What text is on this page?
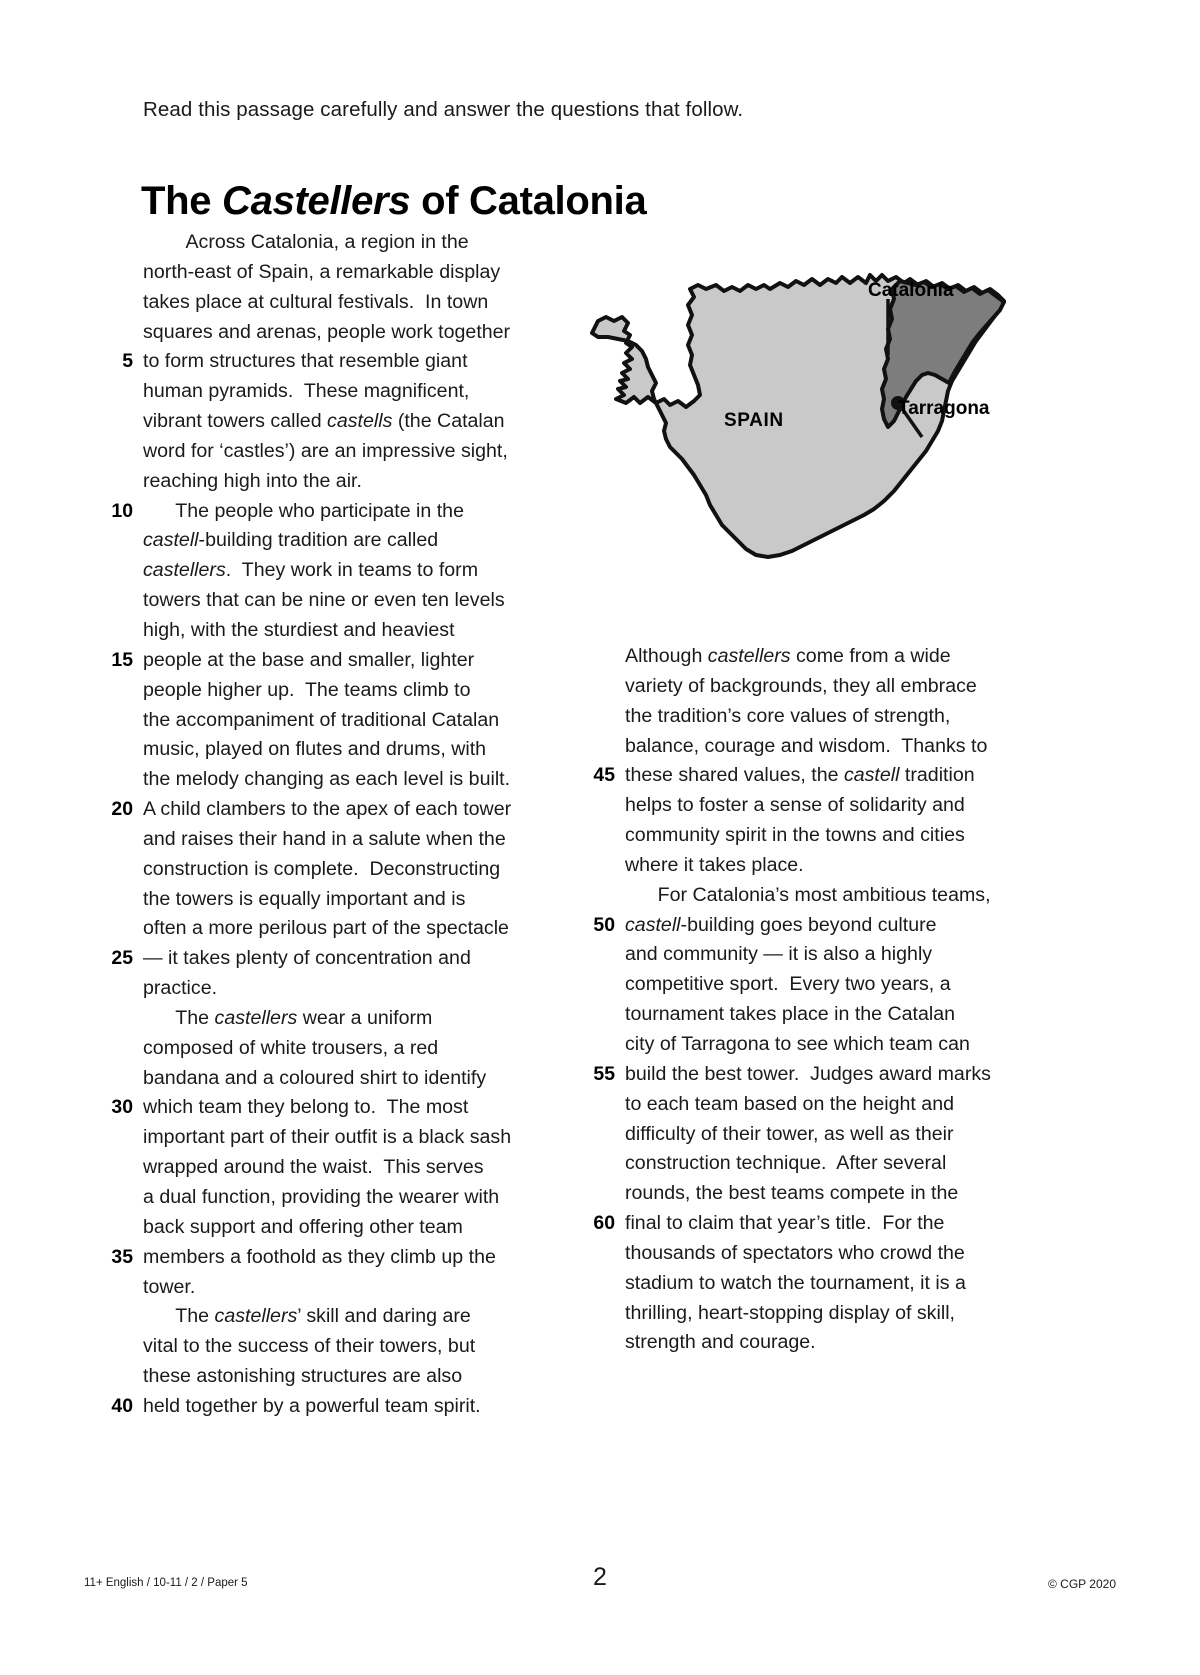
Read this passage carefully and answer the questions that follow.
The Castellers of Catalonia
Across Catalonia, a region in the
north-east of Spain, a remarkable display
takes place at cultural festivals.  In town
squares and arenas, people work together
5 to form structures that resemble giant
human pyramids.  These magnificent,
vibrant towers called castells (the Catalan
word for ‘castles’) are an impressive sight,
reaching high into the air.
10 The people who participate in the
castell-building tradition are called
castellers.  They work in teams to form
towers that can be nine or even ten levels
high, with the sturdiest and heaviest
15 people at the base and smaller, lighter
people higher up.  The teams climb to
the accompaniment of traditional Catalan
music, played on flutes and drums, with
the melody changing as each level is built.
20 A child clambers to the apex of each tower
and raises their hand in a salute when the
construction is complete.  Deconstructing
the towers is equally important and is
often a more perilous part of the spectacle
25 — it takes plenty of concentration and
practice.
The castellers wear a uniform
composed of white trousers, a red
bandana and a coloured shirt to identify
30 which team they belong to.  The most
important part of their outfit is a black sash
wrapped around the waist.  This serves
a dual function, providing the wearer with
back support and offering other team
35 members a foothold as they climb up the
tower.
The castellers’ skill and daring are
vital to the success of their towers, but
these astonishing structures are also
40 held together by a powerful team spirit.
Although castellers come from a wide
variety of backgrounds, they all embrace
the tradition’s core values of strength,
balance, courage and wisdom.  Thanks to
45 these shared values, the castell tradition
helps to foster a sense of solidarity and
community spirit in the towns and cities
where it takes place.
For Catalonia’s most ambitious teams,
50 castell-building goes beyond culture
and community — it is also a highly
competitive sport.  Every two years, a
tournament takes place in the Catalan
city of Tarragona to see which team can
55 build the best tower.  Judges award marks
to each team based on the height and
difficulty of their tower, as well as their
construction technique.  After several
rounds, the best teams compete in the
60 final to claim that year’s title.  For the
thousands of spectators who crowd the
stadium to watch the tournament, it is a
thrilling, heart-stopping display of skill,
strength and courage.
Catalonia
Tarragona
SPAIN
11+ English / 10-11 / 2 / Paper 5	2	© CGP 2020
